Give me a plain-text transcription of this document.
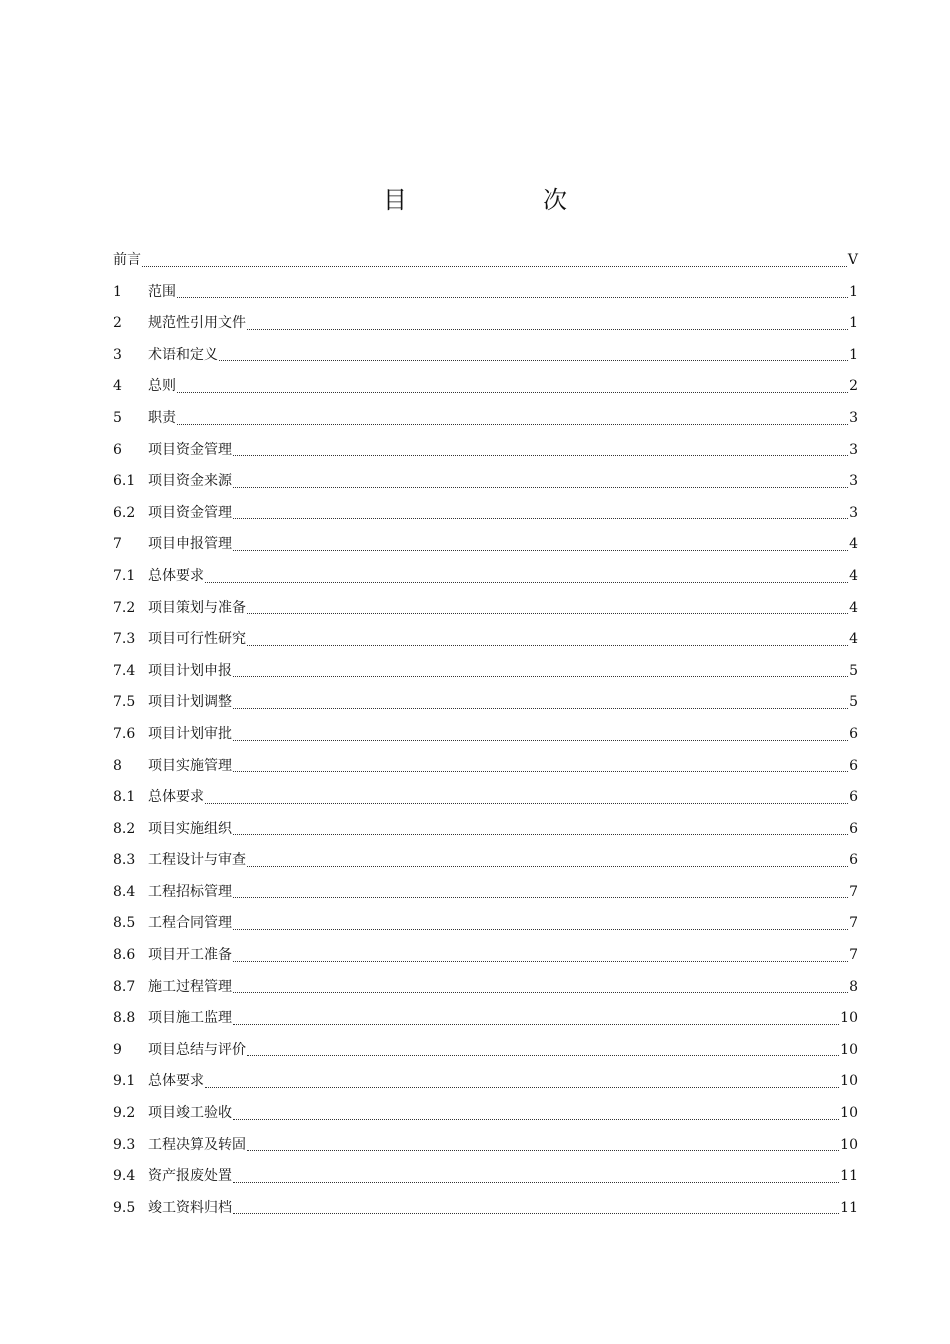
目　次
前言	V
1	范围	1
2	规范性引用文件	1
3	术语和定义	1
4	总则	2
5	职责	3
6	项目资金管理	3
6.1 项目资金来源	3
6.2 项目资金管理	3
7	项目申报管理	4
7.1 总体要求	4
7.2 项目策划与准备	4
7.3 项目可行性研究	4
7.4 项目计划申报	5
7.5 项目计划调整	5
7.6 项目计划审批	6
8	项目实施管理	6
8.1 总体要求	6
8.2 项目实施组织	6
8.3 工程设计与审查	6
8.4 工程招标管理	7
8.5 工程合同管理	7
8.6 项目开工准备	7
8.7 施工过程管理	8
8.8 项目施工监理	10
9	项目总结与评价	10
9.1 总体要求	10
9.2 项目竣工验收	10
9.3 工程决算及转固	10
9.4 资产报废处置	11
9.5 竣工资料归档	11
